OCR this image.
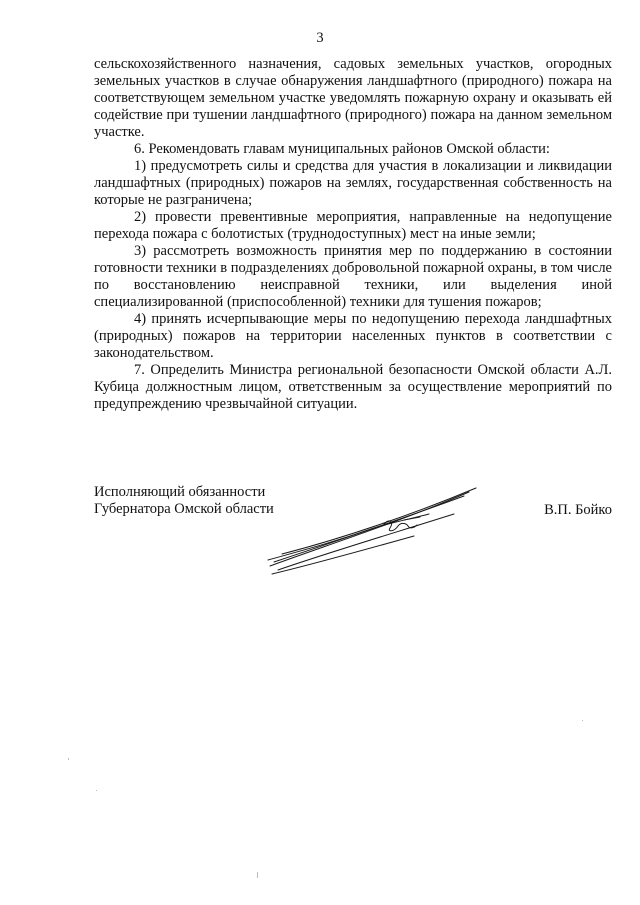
3

сельскохозяйственного назначения, садовых земельных участков, огородных земельных участков в случае обнаружения ландшафтного (природного) пожара на соответствующем земельном участке уведомлять пожарную охрану и оказывать ей содействие при тушении ландшафтного (природного) пожара на данном земельном участке.

6. Рекомендовать главам муниципальных районов Омской области:

1) предусмотреть силы и средства для участия в локализации и ликвидации ландшафтных (природных) пожаров на землях, государственная собственность на которые не разграничена;

2) провести превентивные мероприятия, направленные на недопущение перехода пожара с болотистых (труднодоступных) мест на иные земли;

3) рассмотреть возможность принятия мер по поддержанию в состоянии готовности техники в подразделениях добровольной пожарной охраны, в том числе по восстановлению неисправной техники, или выделения иной специализированной (приспособленной) техники для тушения пожаров;

4) принять исчерпывающие меры по недопущению перехода ландшафтных (природных) пожаров на территории населенных пунктов в соответствии с законодательством.

7. Определить Министра региональной безопасности Омской области А.Л. Кубица должностным лицом, ответственным за осуществление мероприятий по предупреждению чрезвычайной ситуации.

Исполняющий обязанности
Губернатора Омской области	В.П. Бойко
